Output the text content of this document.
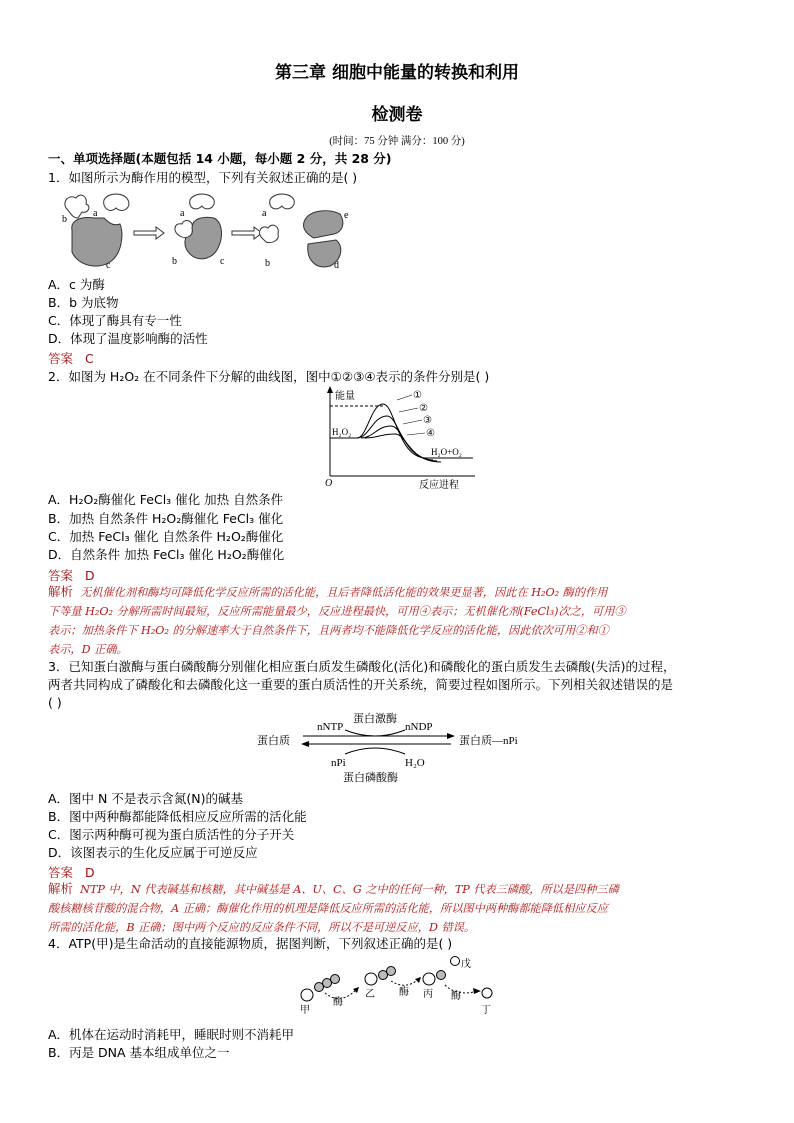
第三章 细胞中能量的转换和利用
检测卷
(时间：75 分钟 满分：100 分)
一、单项选择题(本题包括 14 小题，每小题 2 分，共 28 分)
1．如图所示为酶作用的模型，下列有关叙述正确的是( )
b
a
c
a
b	c
a
b
e
d
A．c 为酶
B．b 为底物
C．体现了酶具有专一性
D．体现了温度影响酶的活性
答案 C
2．如图为 H₂O₂ 在不同条件下分解的曲线图，图中①②③④表示的条件分别是( )
O
能量
反应进程
H₂O₂
H₂O+O₂
①
②
③
④
A．H₂O₂酶催化 FeCl₃ 催化 加热 自然条件
B．加热 自然条件 H₂O₂酶催化 FeCl₃ 催化
C．加热 FeCl₃ 催化 自然条件 H₂O₂酶催化
D．自然条件 加热 FeCl₃ 催化 H₂O₂酶催化
答案 D
解析 无机催化剂和酶均可降低化学反应所需的活化能，且后者降低活化能的效果更显著，因此在 H₂O₂ 酶的作用
下等量 H₂O₂ 分解所需时间最短，反应所需能量最少，反应进程最快，可用④表示；无机催化剂(FeCl₃)次之，可用③
表示；加热条件下 H₂O₂ 的分解速率大于自然条件下，且两者均不能降低化学反应的活化能，因此依次可用②和①
表示，D 正确。
3．已知蛋白激酶与蛋白磷酸酶分别催化相应蛋白质发生磷酸化(活化)和磷酸化的蛋白质发生去磷酸(失活)的过程，
两者共同构成了磷酸化和去磷酸化这一重要的蛋白质活性的开关系统，简要过程如图所示。下列相关叙述错误的是
( )
nNTP
蛋白激酶
nNDP
蛋白质	蛋白质—nPi
nPi	H₂O
蛋白磷酸酶
A．图中 N 不是表示含氮(N)的碱基
B．图中两种酶都能降低相应反应所需的活化能
C．图示两种酶可视为蛋白质活性的分子开关
D．该图表示的生化反应属于可逆反应
答案 D
解析 NTP 中，N 代表碱基和核糖，其中碱基是 A、U、C、G 之中的任何一种，TP 代表三磷酸，所以是四种三磷
酸核糖核苷酸的混合物，A 正确；酶催化作用的机理是降低反应所需的活化能，所以图中两种酶都能降低相应反应
所需的活化能，B 正确；图中两个反应的反应条件不同，所以不是可逆反应，D 错误。
4．ATP(甲)是生命活动的直接能源物质，据图判断，下列叙述正确的是( )
甲
酶
乙 酶 丙
戊
酶
丁
A．机体在运动时消耗甲，睡眠时则不消耗甲
B．丙是 DNA 基本组成单位之一
